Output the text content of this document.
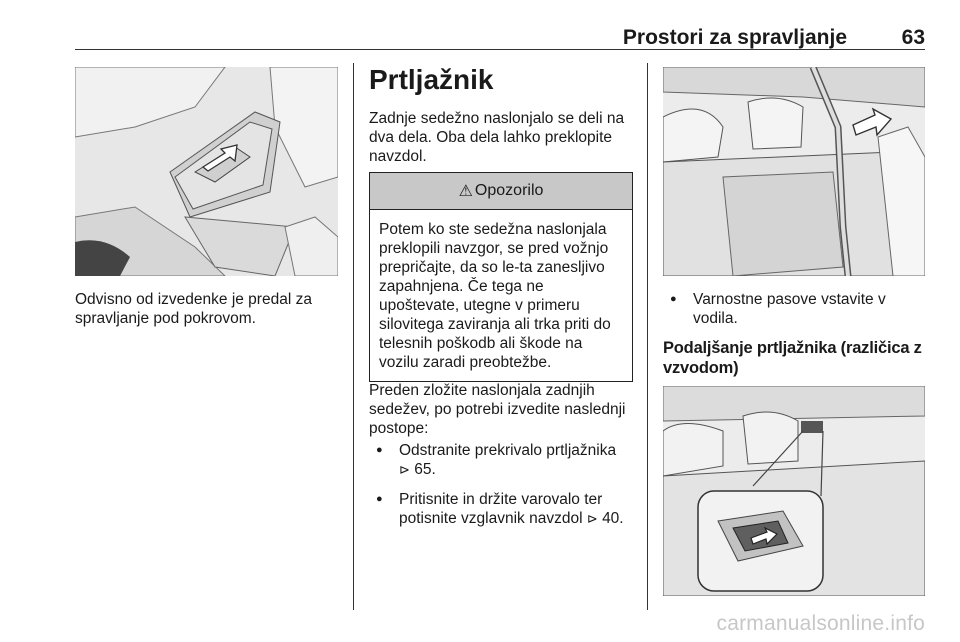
Prostori za spravljanje	63

Odvisno od izvedenke je predal za spravljanje pod pokrovom.

Prtljažnik

Zadnje sedežno naslonjalo se deli na dva dela. Oba dela lahko preklopite navzdol.

⚠ Opozorilo
Potem ko ste sedežna naslonjala preklopili navzgor, se pred vožnjo prepričajte, da so le-ta zanesljivo zapahnjena. Če tega ne upoštevate, utegne v primeru silovitega zaviranja ali trka priti do telesnih poškodb ali škode na vozilu zaradi preobtežbe.

Preden zložite naslonjala zadnjih sedežev, po potrebi izvedite naslednji postope:

● Odstranite prekrivalo prtljažnika
⊳ 65.
● Pritisnite in držite varovalo ter potisnite vzglavnik navzdol ⊳ 40.
● Varnostne pasove vstavite v vodila.
Podaljšanje prtljažnika (različica z vzvodom)
carmanualsonline.info
